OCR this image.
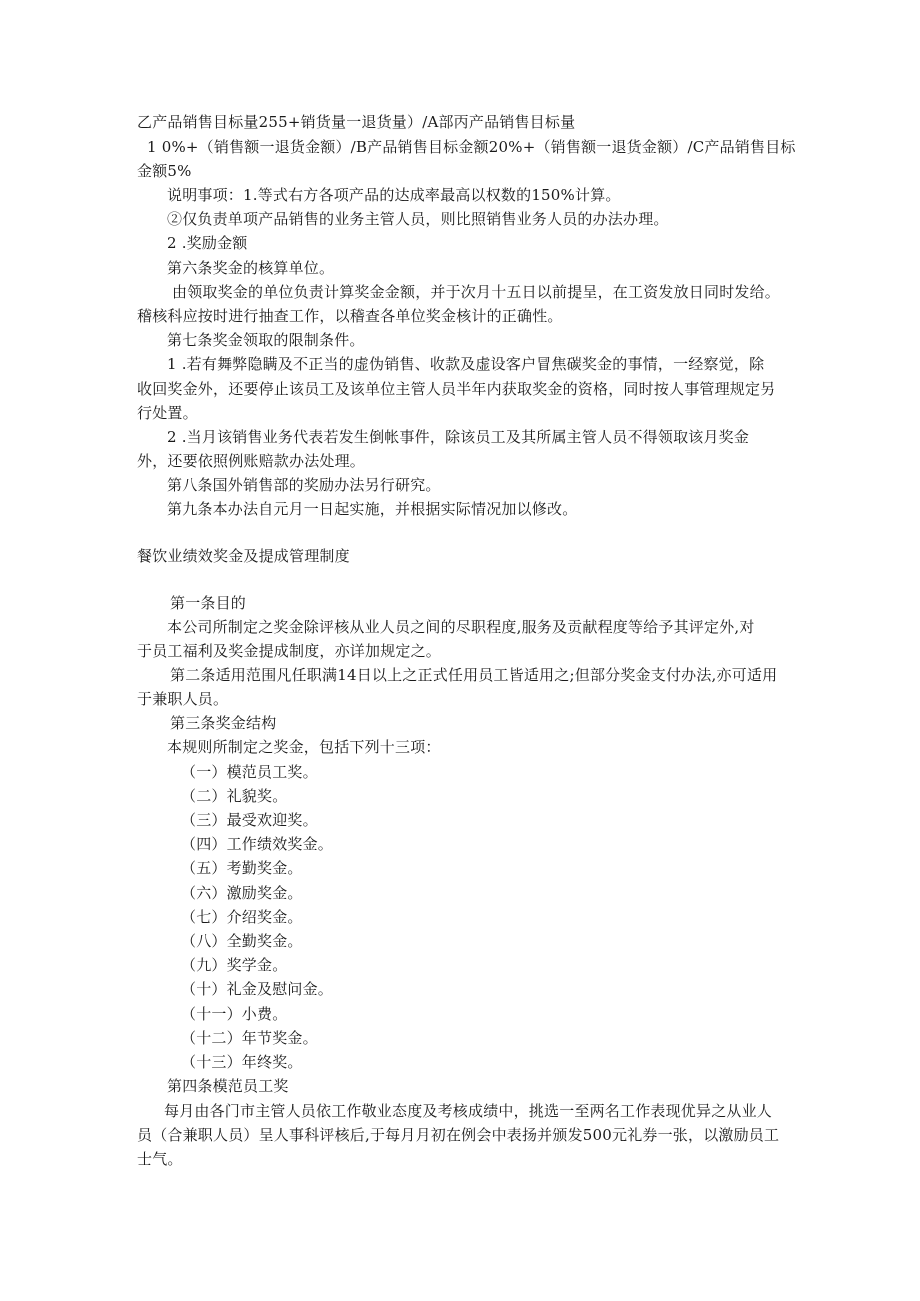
乙产品销售目标量255+销货量一退货量）/A部丙产品销售目标量
1 0%+（销售额一退货金额）/B产品销售目标金额20%+（销售额一退货金额）/C产品销售目标
金额5%
说明事项：1.等式右方各项产品的达成率最高以权数的150%计算。
②仅负责单项产品销售的业务主管人员，则比照销售业务人员的办法办理。
2 .奖励金额
第六条奖金的核算单位。
由领取奖金的单位负责计算奖金金额，并于次月十五日以前提呈，在工资发放日同时发给。
稽核科应按时进行抽查工作，以稽查各单位奖金核计的正确性。
第七条奖金领取的限制条件。
1 .若有舞弊隐瞒及不正当的虚伪销售、收款及虚设客户冒焦碳奖金的事情，一经察觉，除
收回奖金外，还要停止该员工及该单位主管人员半年内获取奖金的资格，同时按人事管理规定另
行处置。
2 .当月该销售业务代表若发生倒帐事件，除该员工及其所属主管人员不得领取该月奖金
外，还要依照例账赔款办法处理。
第八条国外销售部的奖励办法另行研究。
第九条本办法自元月一日起实施，并根据实际情况加以修改。
餐饮业绩效奖金及提成管理制度
第一条目的
本公司所制定之奖金除评核从业人员之间的尽职程度,服务及贡献程度等给予其评定外,对
于员工福利及奖金提成制度，亦详加规定之。
第二条适用范围凡任职满14日以上之正式任用员工皆适用之;但部分奖金支付办法,亦可适用
于兼职人员。
第三条奖金结构
本规则所制定之奖金，包括下列十三项：
（一）模范员工奖。
（二）礼貌奖。
（三）最受欢迎奖。
（四）工作绩效奖金。
（五）考勤奖金。
（六）激励奖金。
（七）介绍奖金。
（八）全勤奖金。
（九）奖学金。
（十）礼金及慰问金。
（十一）小费。
（十二）年节奖金。
（十三）年终奖。
第四条模范员工奖
每月由各门市主管人员依工作敬业态度及考核成绩中，挑选一至两名工作表现优异之从业人
员（合兼职人员）呈人事科评核后,于每月月初在例会中表扬并颁发500元礼券一张，以激励员工
士气。
